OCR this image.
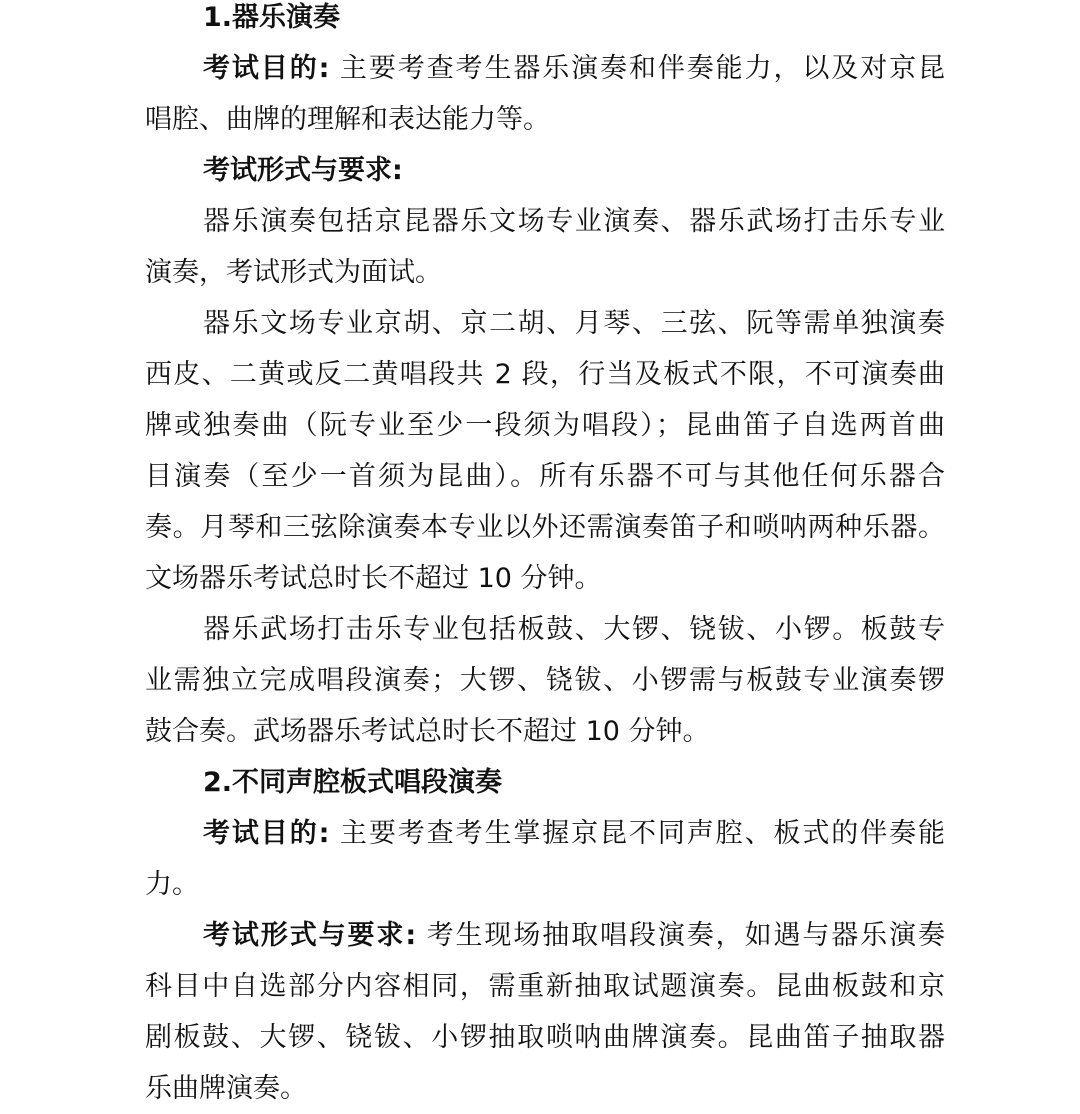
1.器乐演奏
考试目的: 主要考查考生器乐演奏和伴奏能力，以及对京昆
唱腔、曲牌的理解和表达能力等。
考试形式与要求:
器乐演奏包括京昆器乐文场专业演奏、器乐武场打击乐专业
演奏，考试形式为面试。
器乐文场专业京胡、京二胡、月琴、三弦、阮等需单独演奏
西皮、二黄或反二黄唱段共 2 段，行当及板式不限，不可演奏曲
牌或独奏曲（阮专业至少一段须为唱段）；昆曲笛子自选两首曲
目演奏（至少一首须为昆曲）。所有乐器不可与其他任何乐器合
奏。月琴和三弦除演奏本专业以外还需演奏笛子和唢呐两种乐器。
文场器乐考试总时长不超过 10 分钟。
器乐武场打击乐专业包括板鼓、大锣、铙钹、小锣。板鼓专
业需独立完成唱段演奏；大锣、铙钹、小锣需与板鼓专业演奏锣
鼓合奏。武场器乐考试总时长不超过 10 分钟。
2.不同声腔板式唱段演奏
考试目的: 主要考查考生掌握京昆不同声腔、板式的伴奏能
力。
考试形式与要求: 考生现场抽取唱段演奏，如遇与器乐演奏
科目中自选部分内容相同，需重新抽取试题演奏。昆曲板鼓和京
剧板鼓、大锣、铙钹、小锣抽取唢呐曲牌演奏。昆曲笛子抽取器
乐曲牌演奏。
